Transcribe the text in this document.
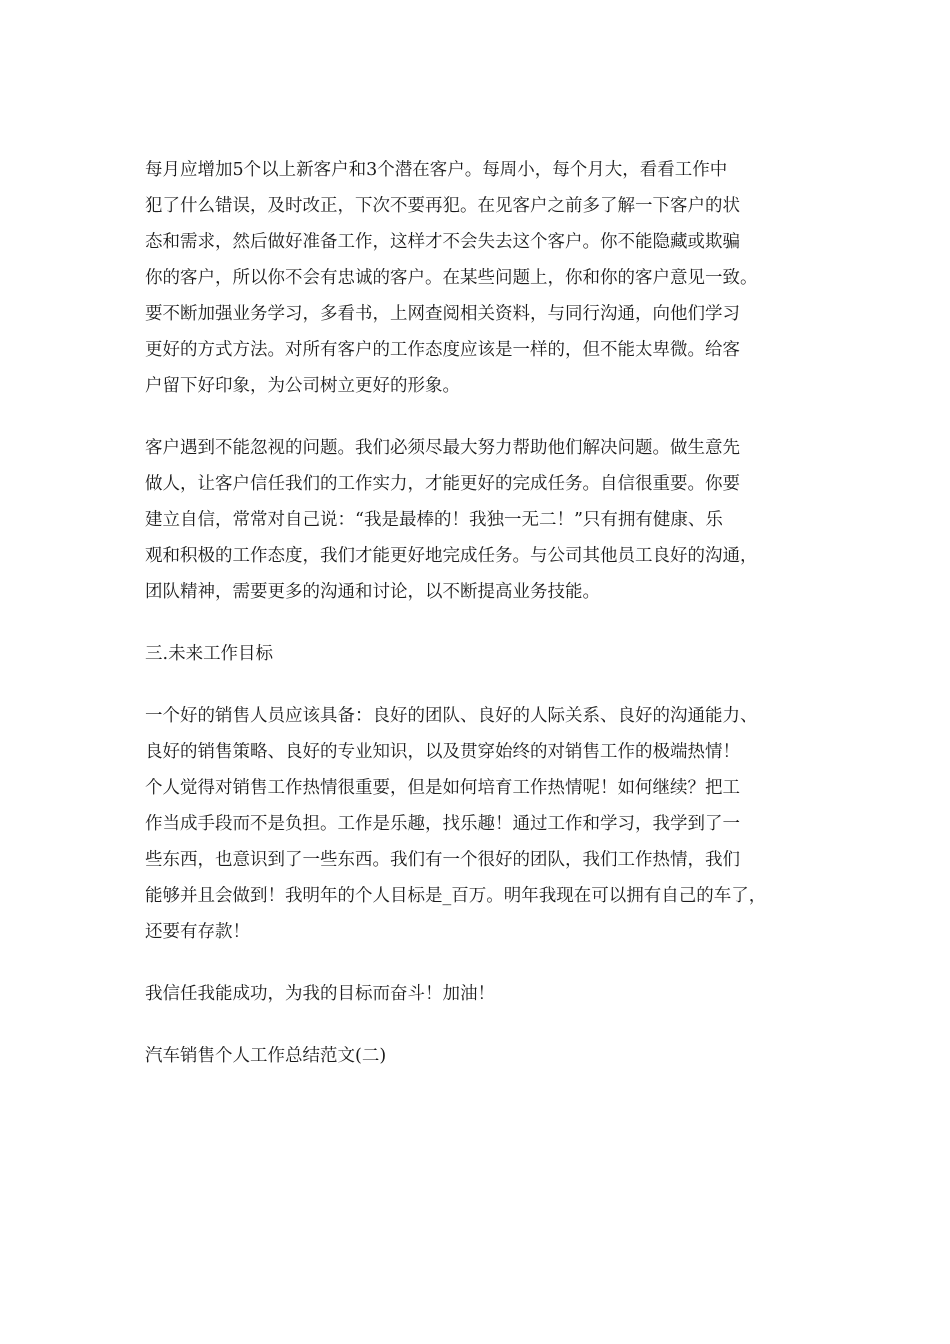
每月应增加5个以上新客户和3个潜在客户。每周小，每个月大，看看工作中
犯了什么错误，及时改正，下次不要再犯。在见客户之前多了解一下客户的状
态和需求，然后做好准备工作，这样才不会失去这个客户。你不能隐藏或欺骗
你的客户，所以你不会有忠诚的客户。在某些问题上，你和你的客户意见一致。
要不断加强业务学习，多看书，上网查阅相关资料，与同行沟通，向他们学习
更好的方式方法。对所有客户的工作态度应该是一样的，但不能太卑微。给客
户留下好印象，为公司树立更好的形象。
客户遇到不能忽视的问题。我们必须尽最大努力帮助他们解决问题。做生意先
做人，让客户信任我们的工作实力，才能更好的完成任务。自信很重要。你要
建立自信，常常对自己说：“我是最棒的！我独一无二！”只有拥有健康、乐
观和积极的工作态度，我们才能更好地完成任务。与公司其他员工良好的沟通，
团队精神，需要更多的沟通和讨论，以不断提高业务技能。
三.未来工作目标
一个好的销售人员应该具备：良好的团队、良好的人际关系、良好的沟通能力、
良好的销售策略、良好的专业知识，以及贯穿始终的对销售工作的极端热情！
个人觉得对销售工作热情很重要，但是如何培育工作热情呢！如何继续？把工
作当成手段而不是负担。工作是乐趣，找乐趣！通过工作和学习，我学到了一
些东西，也意识到了一些东西。我们有一个很好的团队，我们工作热情，我们
能够并且会做到！我明年的个人目标是_百万。明年我现在可以拥有自己的车了，
还要有存款！
我信任我能成功，为我的目标而奋斗！加油！
汽车销售个人工作总结范文(二)
